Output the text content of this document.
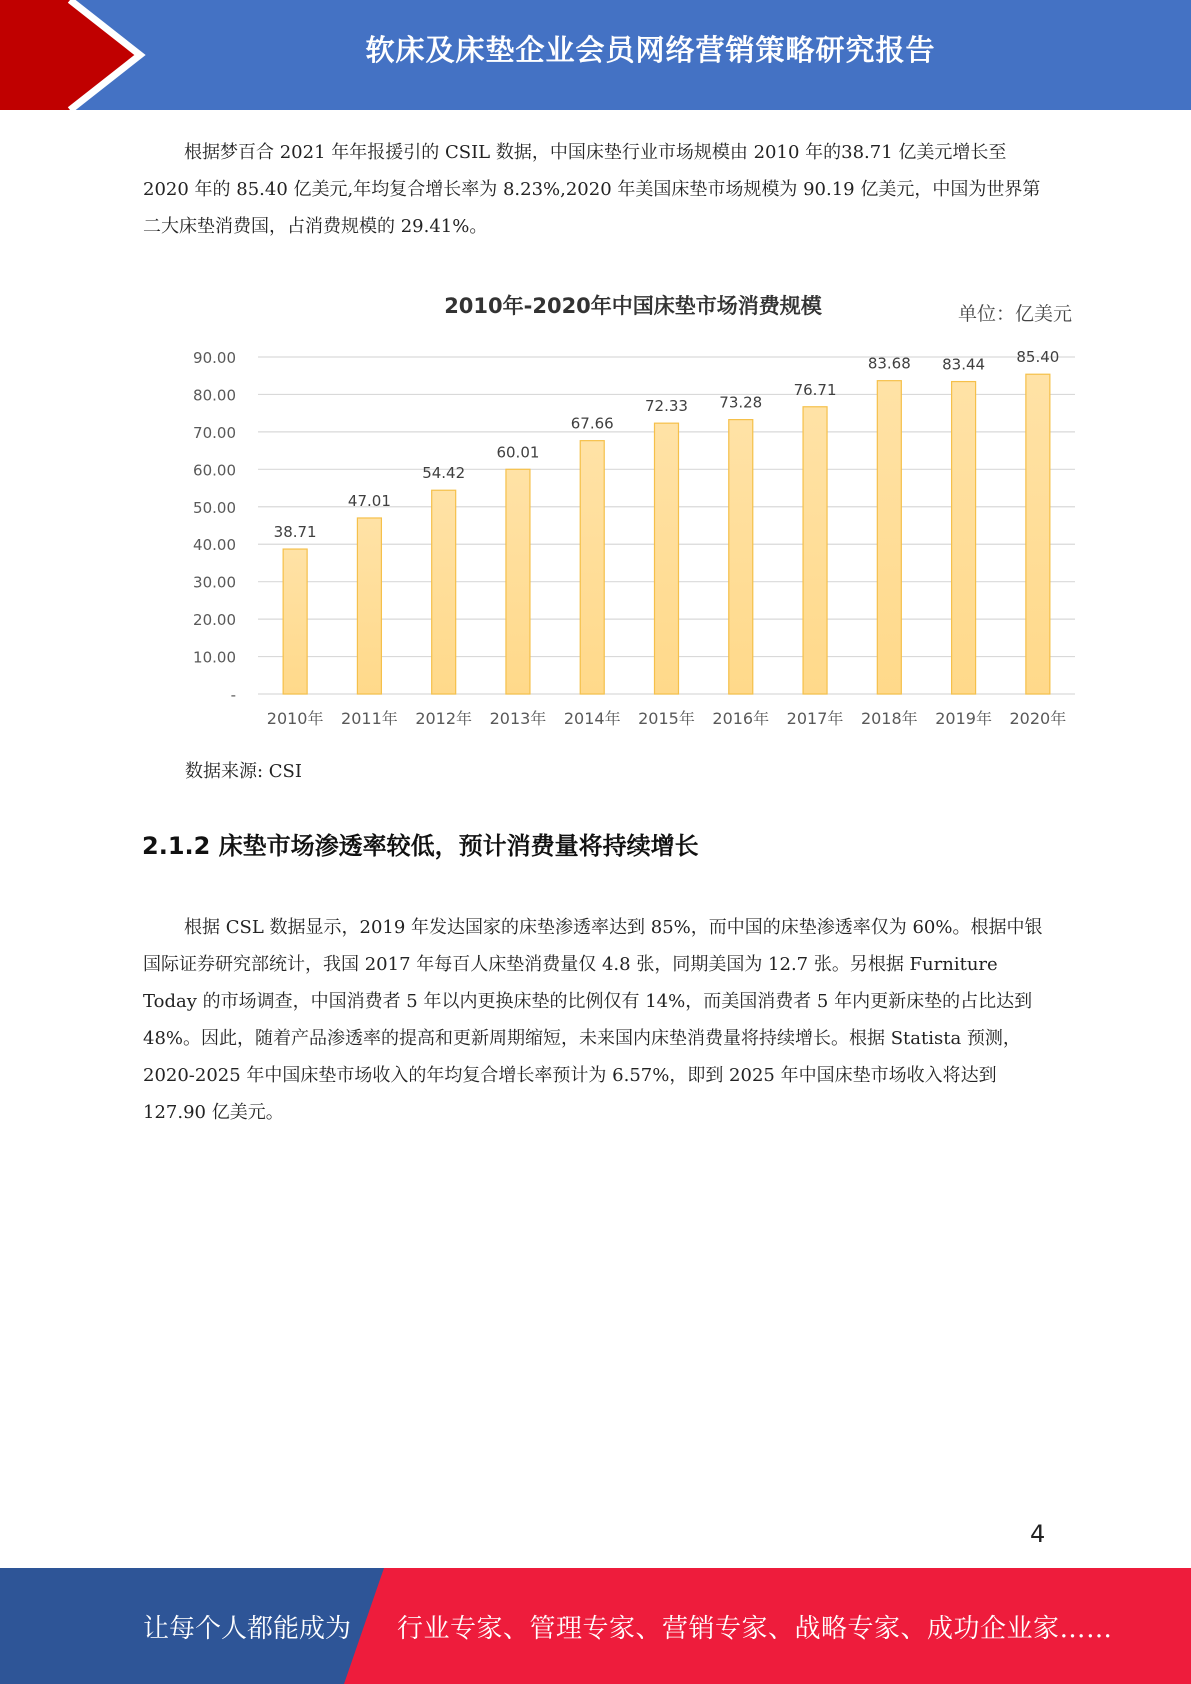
软床及床垫企业会员网络营销策略研究报告

根据梦百合 2021 年年报援引的 CSIL 数据，中国床垫行业市场规模由 2010 年的38.71 亿美元增长至 2020 年的 85.40 亿美元,年均复合增长率为 8.23%,2020 年美国床垫市场规模为 90.19 亿美元，中国为世界第二大床垫消费国，占消费规模的 29.41%。

2010年-2020年中国床垫市场消费规模	单位：亿美元
-
10.00
20.00
30.00
40.00
50.00
60.00
70.00
80.00
90.00
38.71
47.01
54.42
60.01
67.66
72.33 73.28
76.71
83.68 83.44 85.40
2010年 2011年 2012年 2013年 2014年 2015年 2016年 2017年 2018年 2019年 2020年
数据来源: CSI
2.1.2 床垫市场渗透率较低，预计消费量将持续增长

根据 CSL 数据显示，2019 年发达国家的床垫渗透率达到 85%，而中国的床垫渗透率仅为 60%。根据中银国际证券研究部统计，我国 2017 年每百人床垫消费量仅 4.8 张，同期美国为 12.7 张。另根据 Furniture Today 的市场调查，中国消费者 5 年以内更换床垫的比例仅有 14%，而美国消费者 5 年内更新床垫的占比达到 48%。因此，随着产品渗透率的提高和更新周期缩短，未来国内床垫消费量将持续增长。根据 Statista 预测，2020-2025 年中国床垫市场收入的年均复合增长率预计为 6.57%，即到 2025 年中国床垫市场收入将达到 127.90 亿美元。

4
让每个人都能成为 行业专家、管理专家、营销专家、战略专家、成功企业家……
